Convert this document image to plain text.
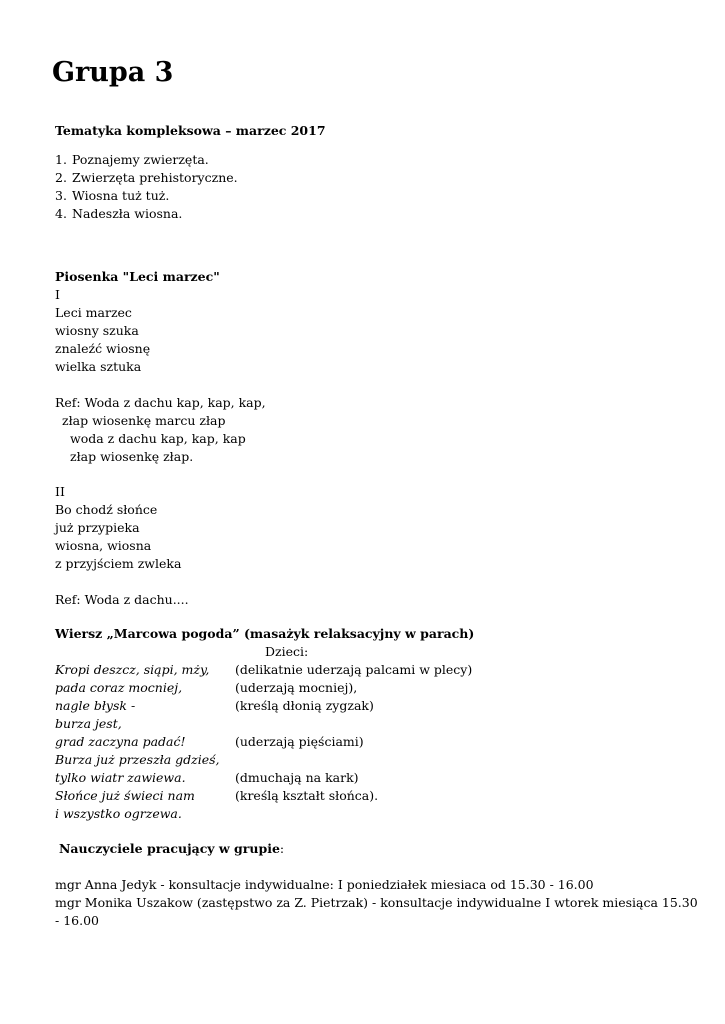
Grupa 3

Tematyka kompleksowa – marzec 2017

1. Poznajemy zwierzęta.

2. Zwierzęta prehistoryczne.

3. Wiosna tuż tuż.

4. Nadeszła wiosna.

Piosenka "Leci marzec"

I

Leci marzec

wiosny szuka

znaleźć wiosnę

wielka sztuka

Ref: Woda z dachu kap, kap, kap,

złap wiosenkę marcu złap

woda z dachu kap, kap, kap

złap wiosenkę złap.

II

Bo chodź słońce

już przypieka

wiosna, wiosna

z przyjściem zwleka

Ref: Woda z dachu....

Wiersz „Marcowa pogoda” (masażyk relaksacyjny w parach)

Dzieci:

Kropi deszcz, siąpi, mży, (delikatnie uderzają palcami w plecy)

pada coraz mocniej,	(uderzają mocniej),

nagle błysk -	(kreślą dłonią zygzak)

burza jest,

grad zaczyna padać!	(uderzają pięściami)

Burza już przeszła gdzieś,

tylko wiatr zawiewa.	(dmuchają na kark)

Słońce już świeci nam	(kreślą kształt słońca).

i wszystko ogrzewa.

Nauczyciele pracujący w grupie:

mgr Anna Jedyk - konsultacje indywidualne: I poniedziałek miesiaca od 15.30 - 16.00

mgr Monika Uszakow (zastępstwo za Z. Pietrzak) - konsultacje indywidualne I wtorek miesiąca 15.30

- 16.00
